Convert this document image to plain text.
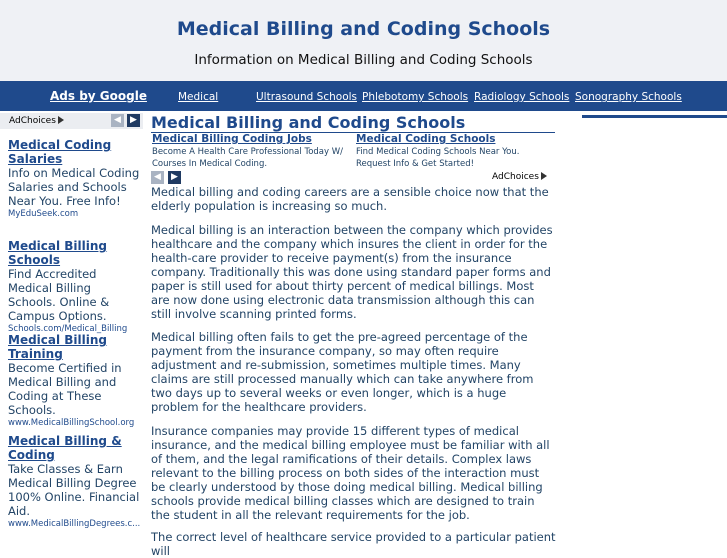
Medical Billing and Coding Schools
Information on Medical Billing and Coding Schools
Ads by Google	Medical	Ultrasound Schools Phlebotomy Schools Radiology Schools Sonography Schools
AdChoices	◀	▶
Medical Coding Salaries
Info on Medical Coding Salaries and Schools Near You. Free Info!
MyEduSeek.com
Medical Billing Schools
Find Accredited Medical Billing Schools. Online & Campus Options.
Schools.com/Medical_Billing
Medical Billing Training
Become Certified in Medical Billing and Coding at These Schools.
www.MedicalBillingSchool.org
Medical Billing & Coding
Take Classes & Earn Medical Billing Degree 100% Online. Financial Aid.
www.MedicalBillingDegrees.c...
Medical Billing and Coding Schools
Medical Billing Coding Jobs
Become A Health Care Professional Today W/ Courses In Medical Coding.
Medical Coding Schools
Find Medical Coding Schools Near You. Request Info & Get Started!
◀	▶	AdChoices
Medical billing and coding careers are a sensible choice now that the elderly population is increasing so much.
Medical billing is an interaction between the company which provides healthcare and the company which insures the client in order for the health-care provider to receive payment(s) from the insurance company. Traditionally this was done using standard paper forms and paper is still used for about thirty percent of medical billings. Most are now done using electronic data transmission although this can still involve scanning printed forms.
Medical billing often fails to get the pre-agreed percentage of the payment from the insurance company, so may often require adjustment and re-submission, sometimes multiple times. Many claims are still processed manually which can take anywhere from two days up to several weeks or even longer, which is a huge problem for the healthcare providers.
Insurance companies may provide 15 different types of medical insurance, and the medical billing employee must be familiar with all of them, and the legal ramifications of their details. Complex laws relevant to the billing process on both sides of the interaction must be clearly understood by those doing medical billing. Medical billing schools provide medical billing classes which are designed to train the student in all the relevant requirements for the job.
The correct level of healthcare service provided to a particular patient will
